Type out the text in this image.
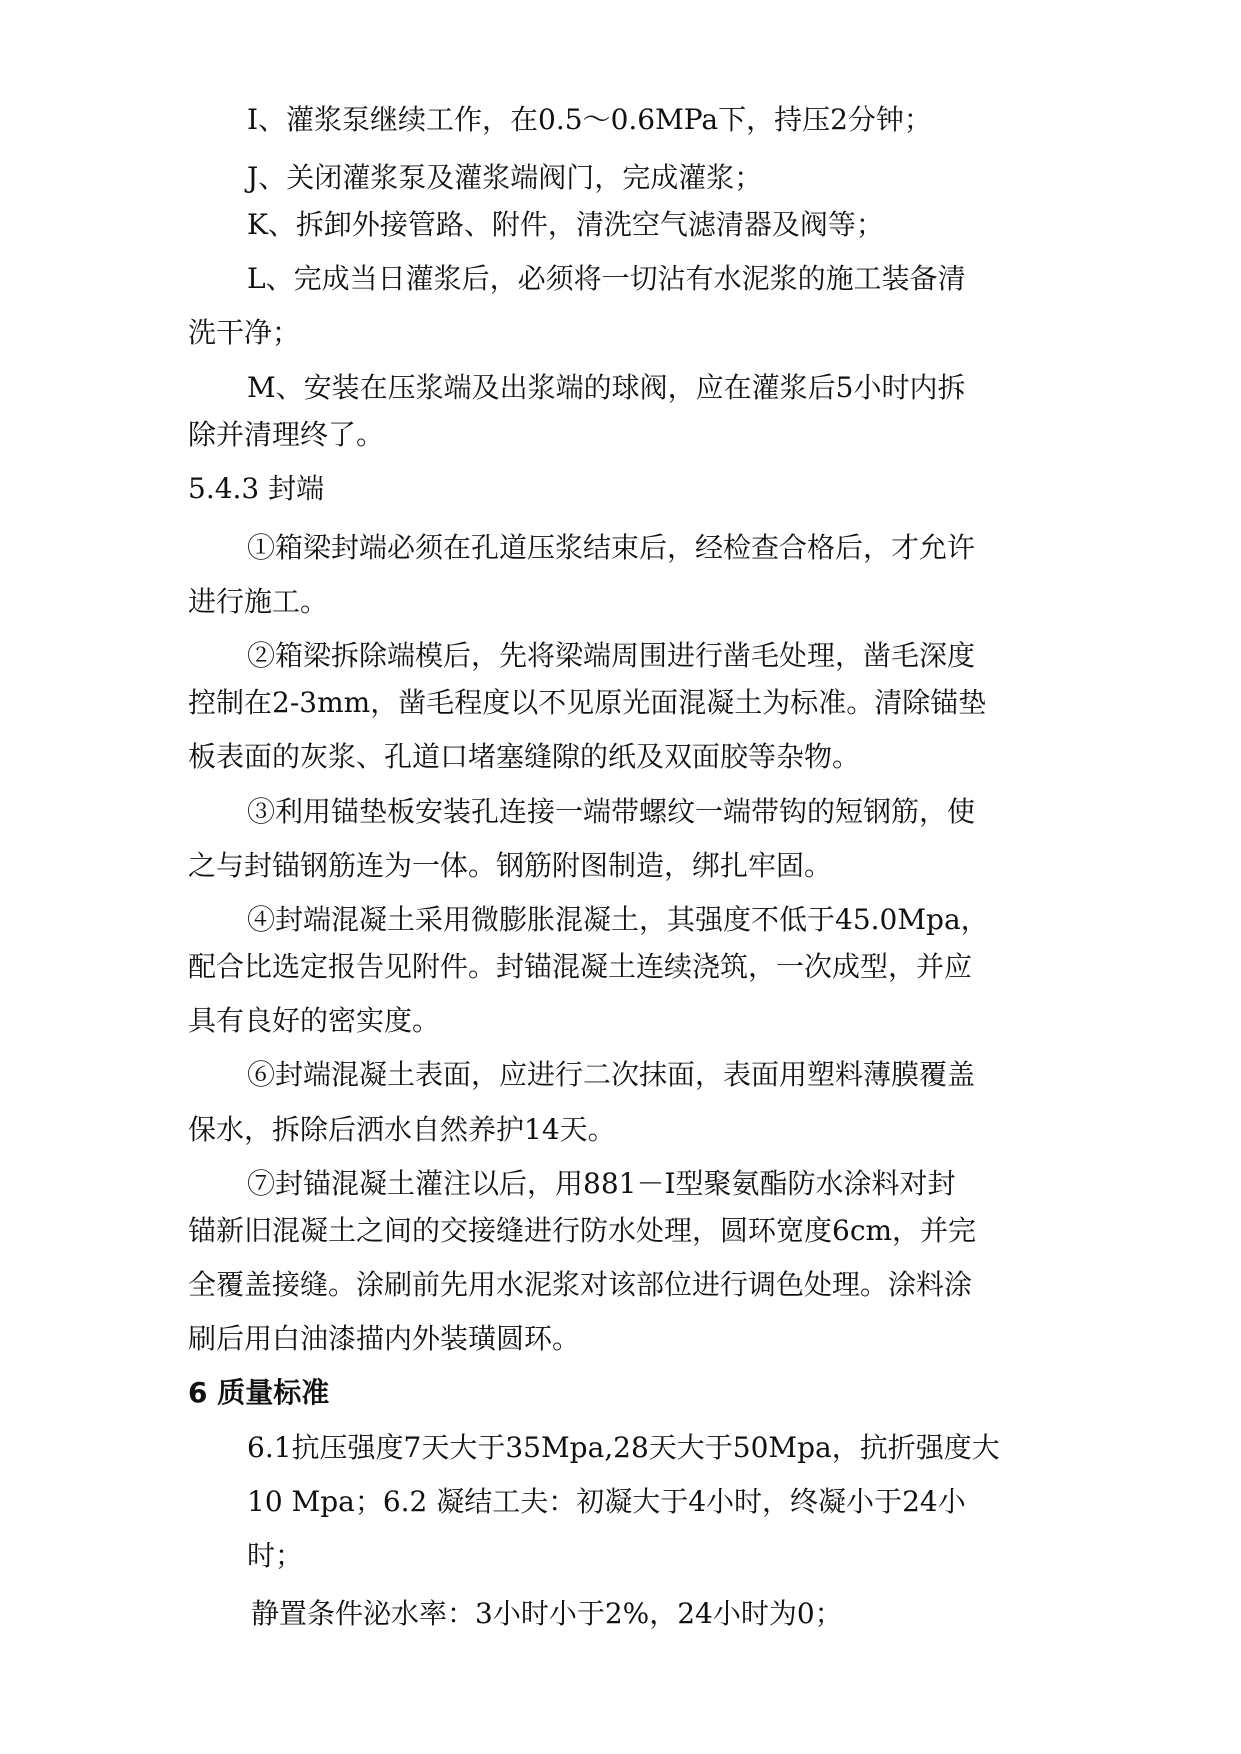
I、灌浆泵继续工作，在0.5～0.6MPa下，持压2分钟；
J、关闭灌浆泵及灌浆端阀门，完成灌浆；
K、拆卸外接管路、附件，清洗空气滤清器及阀等；
L、完成当日灌浆后，必须将一切沾有水泥浆的施工装备清
洗干净；
M、安装在压浆端及出浆端的球阀，应在灌浆后5小时内拆
除并清理终了。
5.4.3 封端
①箱梁封端必须在孔道压浆结束后，经检查合格后，才允许
进行施工。
②箱梁拆除端模后，先将梁端周围进行凿毛处理，凿毛深度
控制在2-3mm，凿毛程度以不见原光面混凝土为标准。清除锚垫
板表面的灰浆、孔道口堵塞缝隙的纸及双面胶等杂物。
③利用锚垫板安装孔连接一端带螺纹一端带钩的短钢筋，使
之与封锚钢筋连为一体。钢筋附图制造，绑扎牢固。
④封端混凝土采用微膨胀混凝土，其强度不低于45.0Mpa，
配合比选定报告见附件。封锚混凝土连续浇筑，一次成型，并应
具有良好的密实度。
⑥封端混凝土表面，应进行二次抹面，表面用塑料薄膜覆盖
保水，拆除后洒水自然养护14天。
⑦封锚混凝土灌注以后，用881－Ⅰ型聚氨酯防水涂料对封
锚新旧混凝土之间的交接缝进行防水处理，圆环宽度6cm，并完
全覆盖接缝。涂刷前先用水泥浆对该部位进行调色处理。涂料涂
刷后用白油漆描内外装璜圆环。
6 质量标准
6.1抗压强度7天大于35Mpa,28天大于50Mpa，抗折强度大
10 Mpa；6.2 凝结工夫：初凝大于4小时，终凝小于24小
时；
静置条件泌水率：3小时小于2%，24小时为0；
